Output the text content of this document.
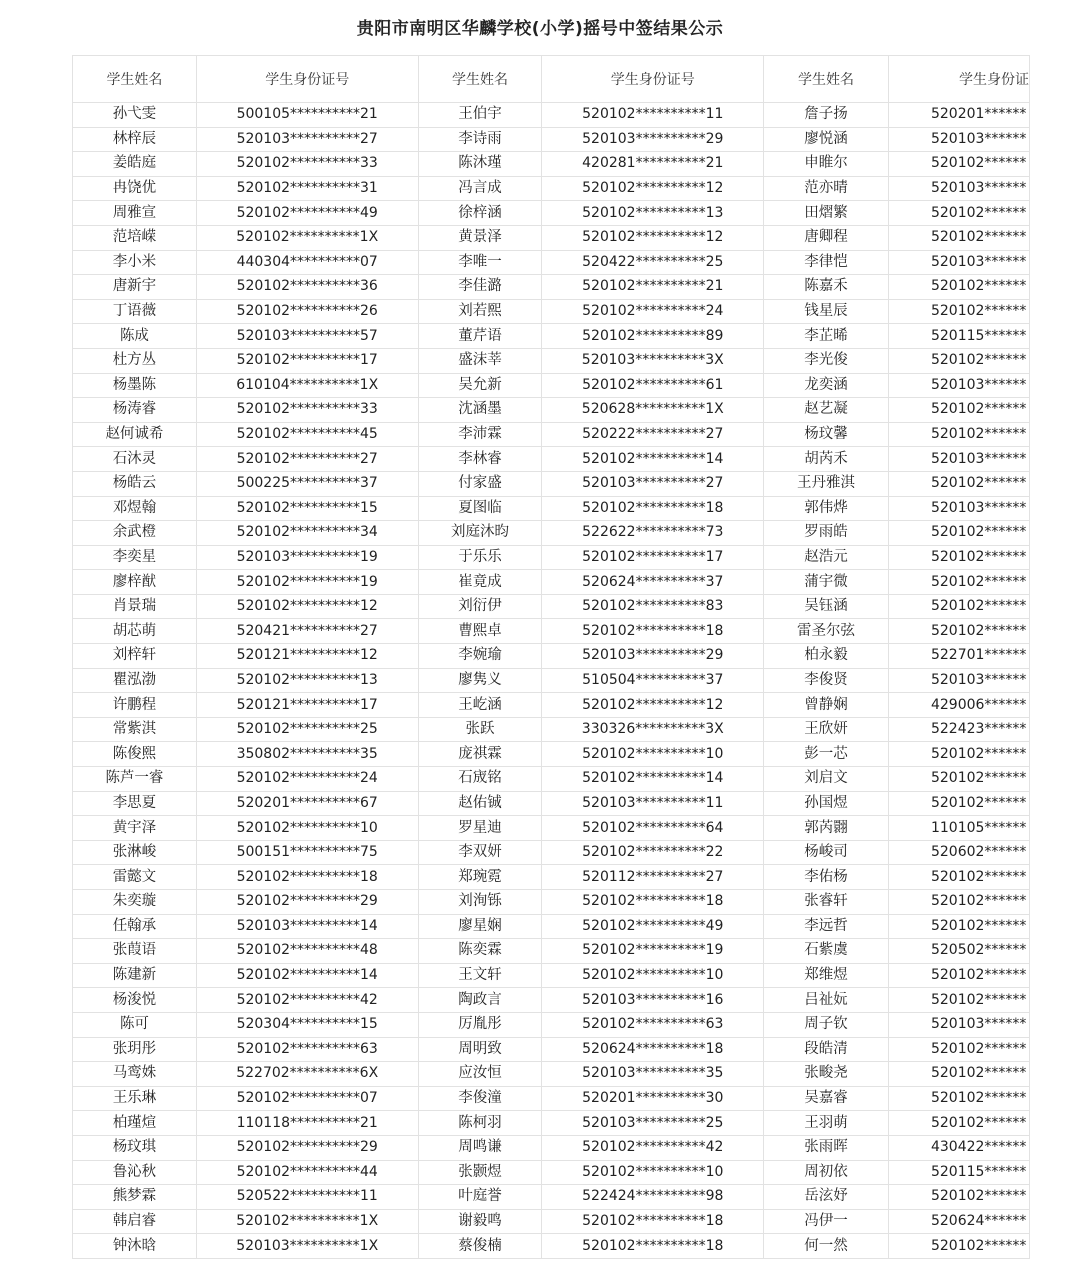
贵阳市南明区华麟学校(小学)摇号中签结果公示
学生姓名	学生身份证号	学生姓名	学生身份证号	学生姓名	学生身份证
孙弋雯	500105**********21	王伯宇	520102**********11	詹子扬	520201******
林梓辰	520103**********27	李诗雨	520103**********29	廖悦涵	520103******
姜皓庭	520102**********33	陈沐瑾	420281**********21	申睢尔	520102******
冉饶优	520102**********31	冯言成	520102**********12	范亦晴	520103******
周雅宣	520102**********49	徐梓涵	520102**********13	田熠繁	520102******
范培嵘	520102**********1X	黄景泽	520102**********12	唐卿程	520102******
李小米	440304**********07	李唯一	520422**********25	李律恺	520103******
唐新宇	520102**********36	李佳潞	520102**********21	陈嘉禾	520102******
丁语薇	520102**********26	刘若熙	520102**********24	钱星辰	520102******
陈成	520103**********57	董芹语	520102**********89	李芷晞	520115******
杜方丛	520102**********17	盛沫莘	520103**********3X	李光俊	520102******
杨墨陈	610104**********1X	吴允新	520102**********61	龙奕涵	520103******
杨涛睿	520102**********33	沈涵墨	520628**********1X	赵艺凝	520102******
赵何诚希	520102**********45	李沛霖	520222**********27	杨玟馨	520102******
石沐灵	520102**********27	李林睿	520102**********14	胡芮禾	520103******
杨皓云	500225**********37	付家盛	520103**********27	王丹雅淇	520102******
邓煜翰	520102**********15	夏图临	520102**********18	郭伟烨	520103******
余武橙	520102**********34	刘庭沐昀	522622**********73	罗雨皓	520102******
李奕星	520103**********19	于乐乐	520102**********17	赵浩元	520102******
廖梓猷	520102**********19	崔竟成	520624**********37	蒲宇微	520102******
肖景瑞	520102**********12	刘衍伊	520102**********83	吴钰涵	520102******
胡芯萌	520421**********27	曹熙卓	520102**********18	雷圣尔弦	520102******
刘梓轩	520121**********12	李婉瑜	520103**********29	柏永毅	522701******
瞿泓渤	520102**********13	廖隽义	510504**********37	李俊贤	520103******
许鹏程	520121**********17	王屹涵	520102**********12	曾静娴	429006******
常紫淇	520102**********25	张跃	330326**********3X	王欣妍	522423******
陈俊熙	350802**********35	庞祺霖	520102**********10	彭一芯	520102******
陈芦一睿	520102**********24	石宬铭	520102**********14	刘启文	520102******
李思夏	520201**********67	赵佑铖	520103**********11	孙国煜	520102******
黄宇泽	520102**********10	罗星迪	520102**********64	郭芮翾	110105******
张淋峻	500151**********75	李双妍	520102**********22	杨峻司	520602******
雷懿文	520102**********18	郑琬霓	520112**********27	李佑杨	520102******
朱奕璇	520102**********29	刘洵铄	520102**********18	张睿轩	520102******
任翰承	520103**********14	廖星娴	520102**********49	李远哲	520102******
张葭语	520102**********48	陈奕霖	520102**********19	石紫虞	520502******
陈建新	520102**********14	王文轩	520102**********10	郑维煜	520102******
杨浚悦	520102**********42	陶政言	520103**********16	吕祉妧	520102******
陈可	520304**********15	厉胤彤	520102**********63	周子钦	520103******
张玥彤	520102**********63	周明致	520624**********18	段皓清	520102******
马鸾姝	522702**********6X	应汝恒	520103**********35	张畯尧	520102******
王乐琳	520102**********07	李俊潼	520201**********30	吴嘉睿	520102******
柏瑾煊	110118**********21	陈柯羽	520103**********25	王羽萌	520102******
杨玟琪	520102**********29	周鸣谦	520102**********42	张雨晖	430422******
鲁沁秋	520102**********44	张颢煜	520102**********10	周初依	520115******
熊梦霖	520522**********11	叶庭誉	522424**********98	岳泫妤	520102******
韩启睿	520102**********1X	谢毅鸣	520102**********18	冯伊一	520624******
钟沐晗	520103**********1X	蔡俊楠	520102**********18	何一然	520102******
